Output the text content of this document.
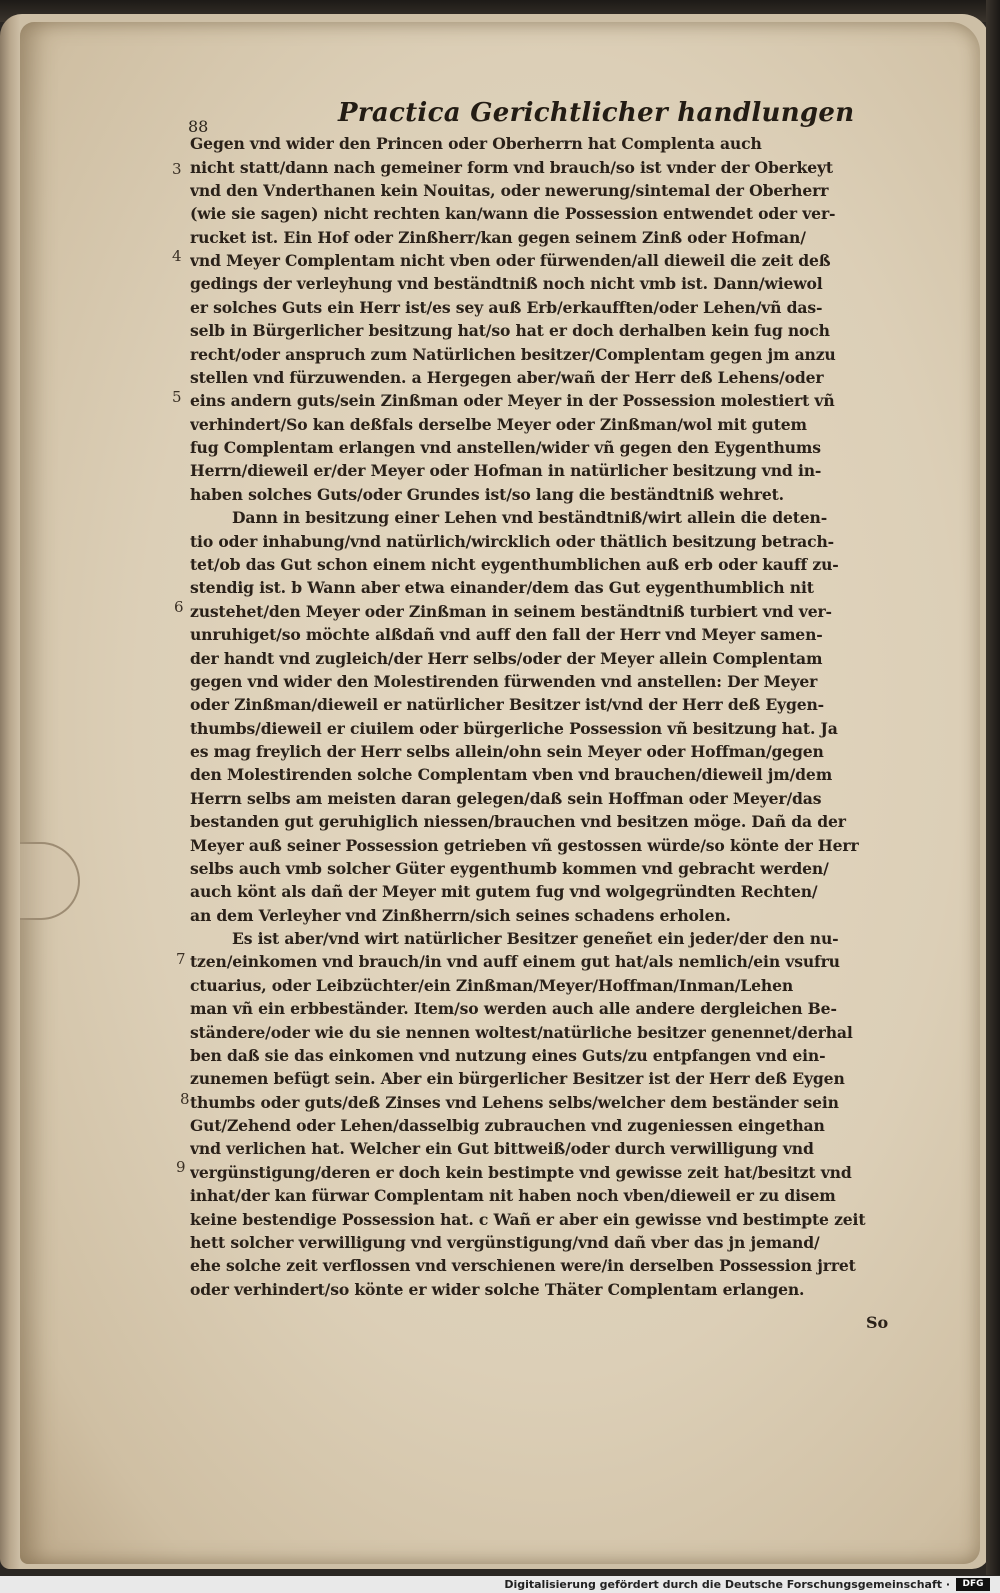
88	Practica Gerichtlicher handlungen
Gegen vnd wider den Princen oder Oberherrn hat Complenta auch
nicht statt/dann nach gemeiner form vnd brauch/so ist vnder der Oberkeyt
vnd den Vnderthanen kein Nouitas, oder newerung/sintemal der Oberherr
(wie sie sagen) nicht rechten kan/wann die Possession entwendet oder ver-
rucket ist. Ein Hof oder Zinßherr/kan gegen seinem Zinß oder Hofman/
vnd Meyer Complentam nicht vben oder fürwenden/all dieweil die zeit deß
gedings der verleyhung vnd beständtniß noch nicht vmb ist. Dann/wiewol
er solches Guts ein Herr ist/es sey auß Erb/erkaufften/oder Lehen/vñ das-
selb in Bürgerlicher besitzung hat/so hat er doch derhalben kein fug noch
recht/oder anspruch zum Natürlichen besitzer/Complentam gegen jm anzu
stellen vnd fürzuwenden. a Hergegen aber/wañ der Herr deß Lehens/oder
eins andern guts/sein Zinßman oder Meyer in der Possession molestiert vñ
verhindert/So kan deßfals derselbe Meyer oder Zinßman/wol mit gutem
fug Complentam erlangen vnd anstellen/wider vñ gegen den Eygenthums
Herrn/dieweil er/der Meyer oder Hofman in natürlicher besitzung vnd in-
haben solches Guts/oder Grundes ist/so lang die beständtniß wehret.
Dann in besitzung einer Lehen vnd beständtniß/wirt allein die deten-
tio oder inhabung/vnd natürlich/wircklich oder thätlich besitzung betrach-
tet/ob das Gut schon einem nicht eygenthumblichen auß erb oder kauff zu-
stendig ist. b Wann aber etwa einander/dem das Gut eygenthumblich nit
zustehet/den Meyer oder Zinßman in seinem beständtniß turbiert vnd ver-
unruhiget/so möchte alßdañ vnd auff den fall der Herr vnd Meyer samen-
der handt vnd zugleich/der Herr selbs/oder der Meyer allein Complentam
gegen vnd wider den Molestirenden fürwenden vnd anstellen: Der Meyer
oder Zinßman/dieweil er natürlicher Besitzer ist/vnd der Herr deß Eygen-
thumbs/dieweil er ciuilem oder bürgerliche Possession vñ besitzung hat. Ja
es mag freylich der Herr selbs allein/ohn sein Meyer oder Hoffman/gegen
den Molestirenden solche Complentam vben vnd brauchen/dieweil jm/dem
Herrn selbs am meisten daran gelegen/daß sein Hoffman oder Meyer/das
bestanden gut geruhiglich niessen/brauchen vnd besitzen möge. Dañ da der
Meyer auß seiner Possession getrieben vñ gestossen würde/so könte der Herr
selbs auch vmb solcher Güter eygenthumb kommen vnd gebracht werden/
auch könt als dañ der Meyer mit gutem fug vnd wolgegründten Rechten/
an dem Verleyher vnd Zinßherrn/sich seines schadens erholen.
Es ist aber/vnd wirt natürlicher Besitzer geneñet ein jeder/der den nu-
tzen/einkomen vnd brauch/in vnd auff einem gut hat/als nemlich/ein vsufru
ctuarius, oder Leibzüchter/ein Zinßman/Meyer/Hoffman/Inman/Lehen
man vñ ein erbbeständer. Item/so werden auch alle andere dergleichen Be-
ständere/oder wie du sie nennen woltest/natürliche besitzer genennet/derhal
ben daß sie das einkomen vnd nutzung eines Guts/zu entpfangen vnd ein-
zunemen befügt sein. Aber ein bürgerlicher Besitzer ist der Herr deß Eygen
thumbs oder guts/deß Zinses vnd Lehens selbs/welcher dem beständer sein
Gut/Zehend oder Lehen/dasselbig zubrauchen vnd zugeniessen eingethan
vnd verlichen hat. Welcher ein Gut bittweiß/oder durch verwilligung vnd
vergünstigung/deren er doch kein bestimpte vnd gewisse zeit hat/besitzt vnd
inhat/der kan fürwar Complentam nit haben noch vben/dieweil er zu disem
keine bestendige Possession hat. c Wañ er aber ein gewisse vnd bestimpte zeit
hett solcher verwilligung vnd vergünstigung/vnd dañ vber das jn jemand/
ehe solche zeit verflossen vnd verschienen were/in derselben Possession jrret
oder verhindert/so könte er wider solche Thäter Complentam erlangen.
3
4
5
6
7
8
9
So
Digitalisierung gefördert durch die Deutsche Forschungsgemeinschaft ·	DFG
